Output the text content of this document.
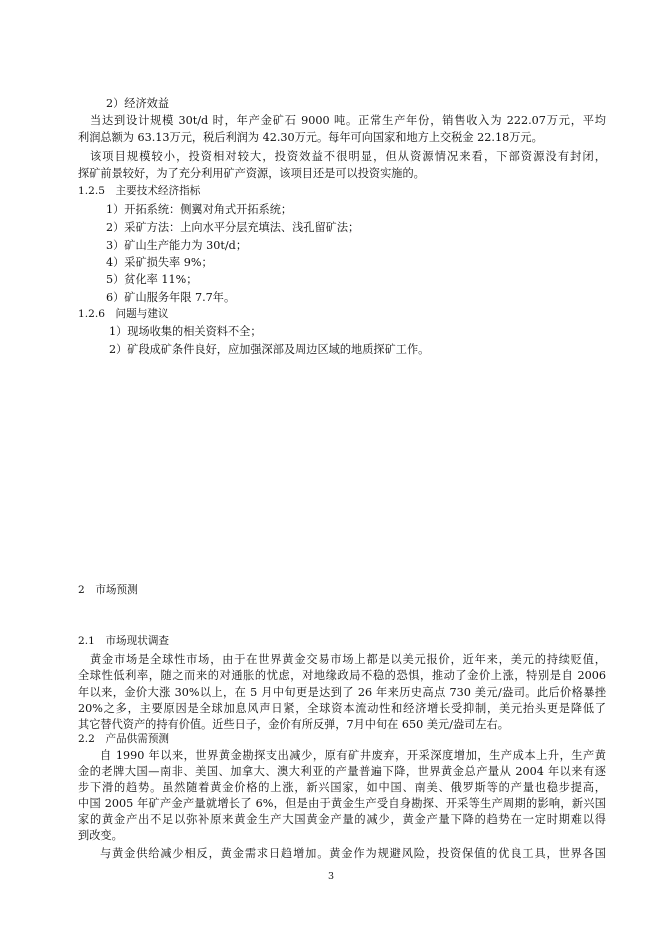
2）经济效益
当达到设计规模 30t/d 时，年产金矿石 9000 吨。正常生产年份，销售收入为 222.07万元，平均
利润总额为 63.13万元，税后利润为 42.30万元。每年可向国家和地方上交税金 22.18万元。
该项目规模较小，投资相对较大，投资效益不很明显，但从资源情况来看，下部资源没有封闭，
探矿前景较好，为了充分利用矿产资源，该项目还是可以投资实施的。
1.2.5　主要技术经济指标
1）开拓系统：侧翼对角式开拓系统；
2）采矿方法：上向水平分层充填法、浅孔留矿法；
3）矿山生产能力为 30t/d；
4）采矿损失率 9%；
5）贫化率 11%；
6）矿山服务年限 7.7年。
1.2.6　问题与建议
1）现场收集的相关资料不全；
2）矿段成矿条件良好，应加强深部及周边区域的地质探矿工作。
2　市场预测
2.1　市场现状调查
黄金市场是全球性市场，由于在世界黄金交易市场上都是以美元报价，近年来，美元的持续贬值，
全球性低利率，随之而来的对通胀的忧虑，对地缘政局不稳的恐惧，推动了金价上涨，特别是自 2006
年以来，金价大涨 30%以上，在 5 月中旬更是达到了 26 年来历史高点 730 美元/盎司。此后价格暴挫
20%之多，主要原因是全球加息风声日紧，全球资本流动性和经济增长受抑制，美元抬头更是降低了
其它替代资产的持有价值。近些日子，金价有所反弹，7月中旬在 650 美元/盎司左右。
2.2　产品供需预测
自 1990 年以来，世界黄金勘探支出减少，原有矿井废弃，开采深度增加，生产成本上升，生产黄
金的老牌大国—南非、美国、加拿大、澳大利亚的产量普遍下降，世界黄金总产量从 2004 年以来有逐
步下滑的趋势。虽然随着黄金价格的上涨，新兴国家，如中国、南美、俄罗斯等的产量也稳步提高，
中国 2005 年矿产金产量就增长了 6%，但是由于黄金生产受自身勘探、开采等生产周期的影响，新兴国
家的黄金产出不足以弥补原来黄金生产大国黄金产量的减少，黄金产量下降的趋势在一定时期难以得
到改变。
与黄金供给减少相反，黄金需求日趋增加。黄金作为规避风险，投资保值的优良工具，世界各国
3
